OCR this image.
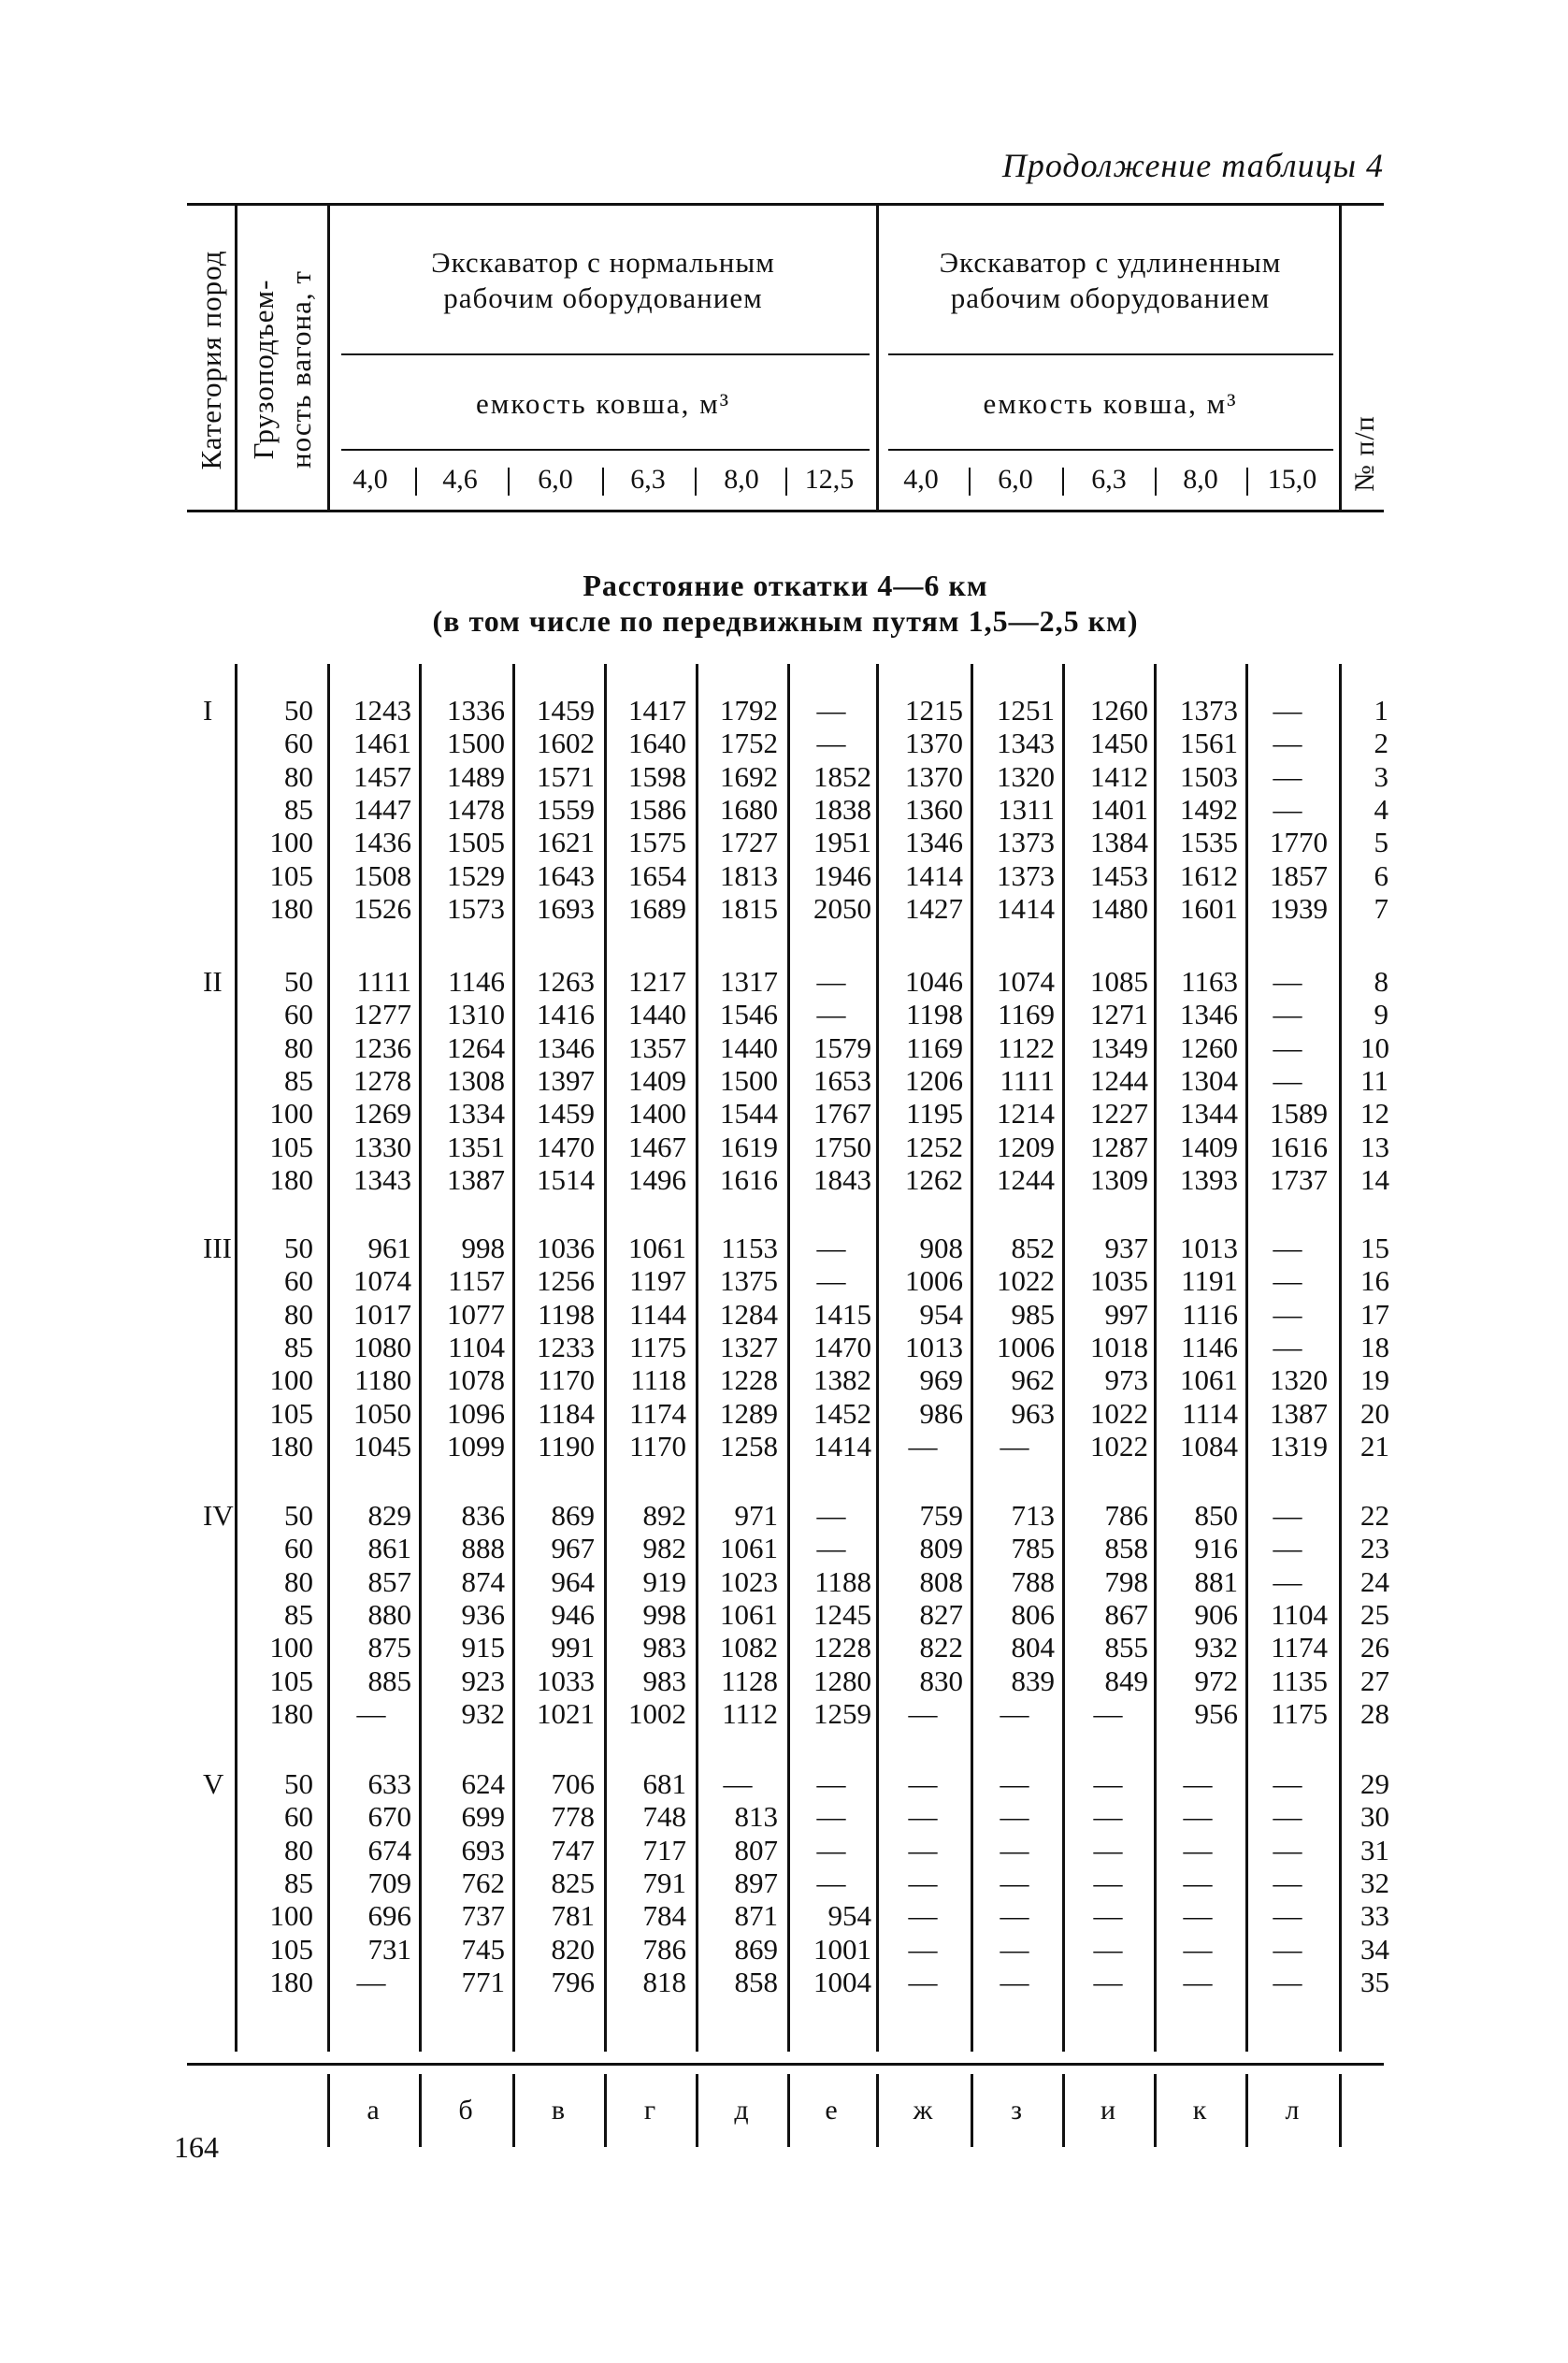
Продолжение таблицы 4
Категория пород Грузоподъем- ность вагона, т	№ п/п
Экскаватор с нормальным
рабочим оборудованием
Экскаватор с удлиненным
рабочим оборудованием
емкость ковша, м³	емкость ковша, м³
4,0	4,6	6,0	6,3	8,0	12,5	4,0	6,0	6,3	8,0	15,0
Расстояние откатки 4—6 км
(в том числе по передвижным путям 1,5—2,5 км)
I	50	1243	1336	1459	1417	1792	—	1215	1251	1260	1373	—	1
60	1461	1500	1602	1640	1752	—	1370	1343	1450	1561	—	2
80	1457	1489	1571	1598	1692	1852	1370	1320	1412	1503	—	3
85	1447	1478	1559	1586	1680	1838	1360	1311	1401	1492	—	4
100	1436	1505	1621	1575	1727	1951	1346	1373	1384	1535	1770	5
105	1508	1529	1643	1654	1813	1946	1414	1373	1453	1612	1857	6
180	1526	1573	1693	1689	1815	2050	1427	1414	1480	1601	1939	7
II	50	1111	1146	1263	1217	1317	—	1046	1074	1085	1163	—	8
60	1277	1310	1416	1440	1546	—	1198	1169	1271	1346	—	9
80	1236	1264	1346	1357	1440	1579	1169	1122	1349	1260	—	10
85	1278	1308	1397	1409	1500	1653	1206	1111	1244	1304	—	11
100	1269	1334	1459	1400	1544	1767	1195	1214	1227	1344	1589 12
105	1330	1351	1470	1467	1619	1750	1252	1209	1287	1409	1616 13
180	1343	1387	1514	1496	1616	1843	1262	1244	1309	1393	1737 14
III	50	961	998	1036	1061	1153	—	908	852	937	1013	—	15
60	1074	1157	1256	1197	1375	—	1006	1022	1035	1191	—	16
80	1017	1077	1198	1144	1284	1415	954	985	997	1116	—	17
85	1080	1104	1233	1175	1327	1470	1013	1006	1018	1146	—	18
100	1180	1078	1170	1118	1228	1382	969	962	973	1061	1320 19
105	1050	1096	1184	1174	1289	1452	986	963	1022	1114	1387 20
180	1045	1099	1190	1170	1258	1414	—	—	1022	1084	1319 21
IV	50	829	836	869	892	971	—	759	713	786	850	—	22
60	861	888	967	982	1061	—	809	785	858	916	—	23
80	857	874	964	919	1023	1188	808	788	798	881	—	24
85	880	936	946	998	1061	1245	827	806	867	906	1104 25
100	875	915	991	983	1082	1228	822	804	855	932	1174 26
105	885	923	1033	983	1128	1280	830	839	849	972	1135 27
180	—	932	1021	1002	1112	1259	—	—	—	956	1175 28
V	50	633	624	706	681	—	—	—	—	—	—	—	29
60	670	699	778	748	813	—	—	—	—	—	—	30
80	674	693	747	717	807	—	—	—	—	—	—	31
85	709	762	825	791	897	—	—	—	—	—	—	32
100	696	737	781	784	871	954	—	—	—	—	—	33
105	731	745	820	786	869	1001	—	—	—	—	—	34
180	—	771	796	818	858	1004	—	—	—	—	—	35
а	б	в	г	д	е	ж	з	и	к	л
164
